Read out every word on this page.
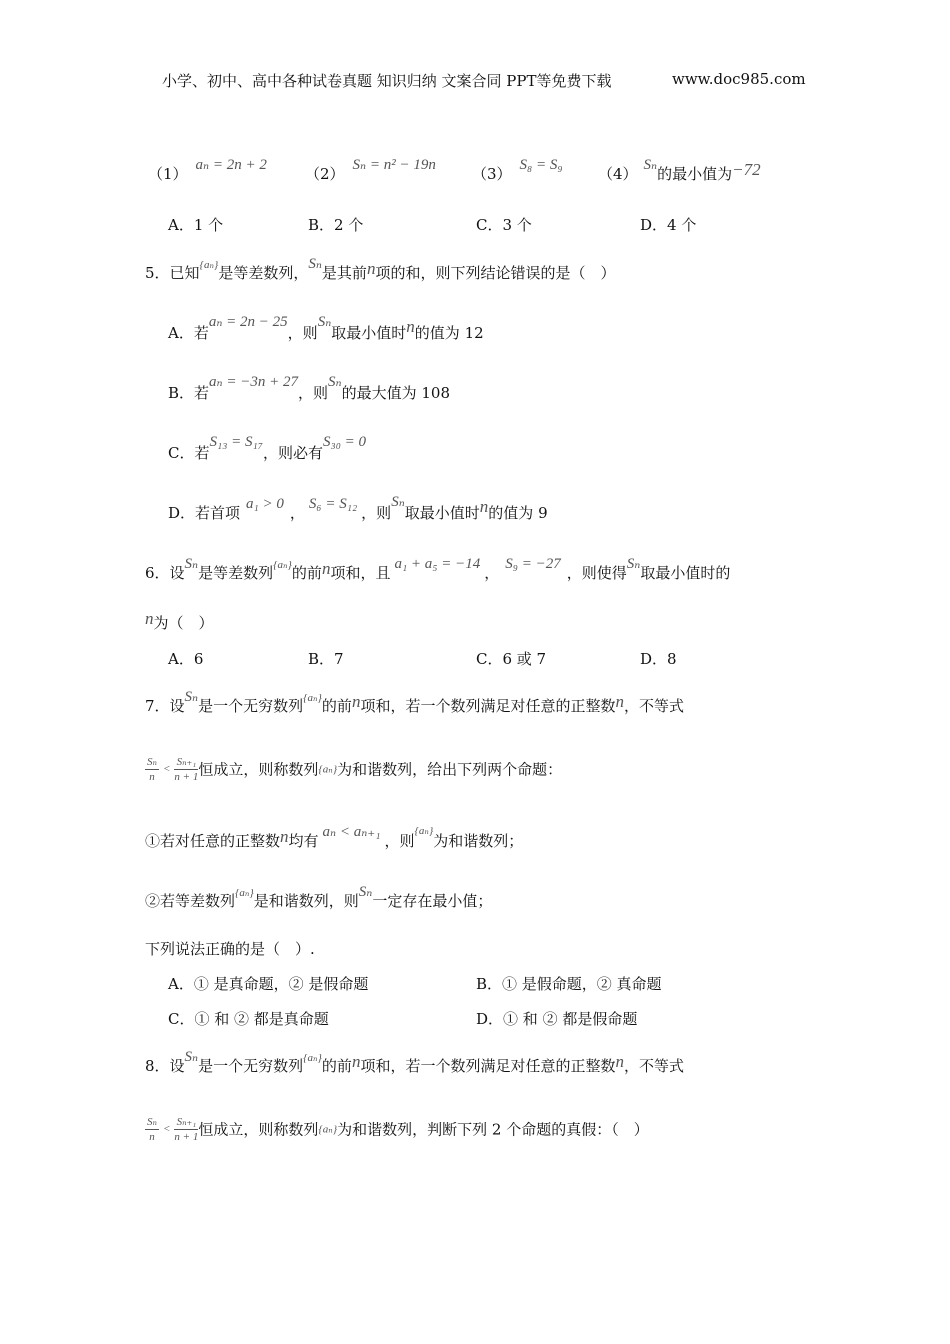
小学、初中、高中各种试卷真题 知识归纳 文案合同 PPT等免费下载	www.doc985.com
（1） aₙ = 2n + 2	（2） Sₙ = n² − 19n （3） S₈ = S₉ （4） Sₙ的最小值为−72
A．1 个	B．2 个	C．3 个	D．4 个
5．已知$^{\{a_n\}}$是等差数列，Sₙ是其前n项的和，则下列结论错误的是（　）
A．若aₙ = 2n − 25，则Sₙ取最小值时n的值为 12
B．若aₙ = −3n + 27，则Sₙ的最大值为 108
C．若S₁₃ = S₁₇，则必有S₃₀ = 0
D．若首项 a₁ > 0 ， S₆ = S₁₂ ，则Sₙ取最小值时n的值为 9
6．设Sₙ是等差数列$^{\{a_n\}}$的前n项和，且 a₁ + a₅ = −14 ， S₉ = −27 ，则使得Sₙ取最小值时的
n为（　）
A．6	B．7	C．6 或 7	D．8
7．设Sₙ是一个无穷数列$^{\{a_n\}}$的前n项和，若一个数列满足对任意的正整数n，不等式
$\frac{\text{Sₙ}}{n} < \frac{\text{Sₙ₊₁}}{n + 1}$ 恒成立，则称数列{aₙ}为和谐数列，给出下列两个命题：
①若对任意的正整数n均有 aₙ < aₙ₊₁ ，则$^{\{a_n\}}$为和谐数列；
②若等差数列$^{\{a_n\}}$是和谐数列，则Sₙ一定存在最小值；
下列说法正确的是（　）.
A．① 是真命题，② 是假命题	B．① 是假命题，② 真命题
C．① 和 ② 都是真命题	D．① 和 ② 都是假命题
8．设Sₙ是一个无穷数列$^{\{a_n\}}$的前n项和，若一个数列满足对任意的正整数n，不等式
$\frac{\text{Sₙ}}{n} < \frac{\text{Sₙ₊₁}}{n + 1}$ 恒成立，则称数列{aₙ}为和谐数列，判断下列 2 个命题的真假：（　）
